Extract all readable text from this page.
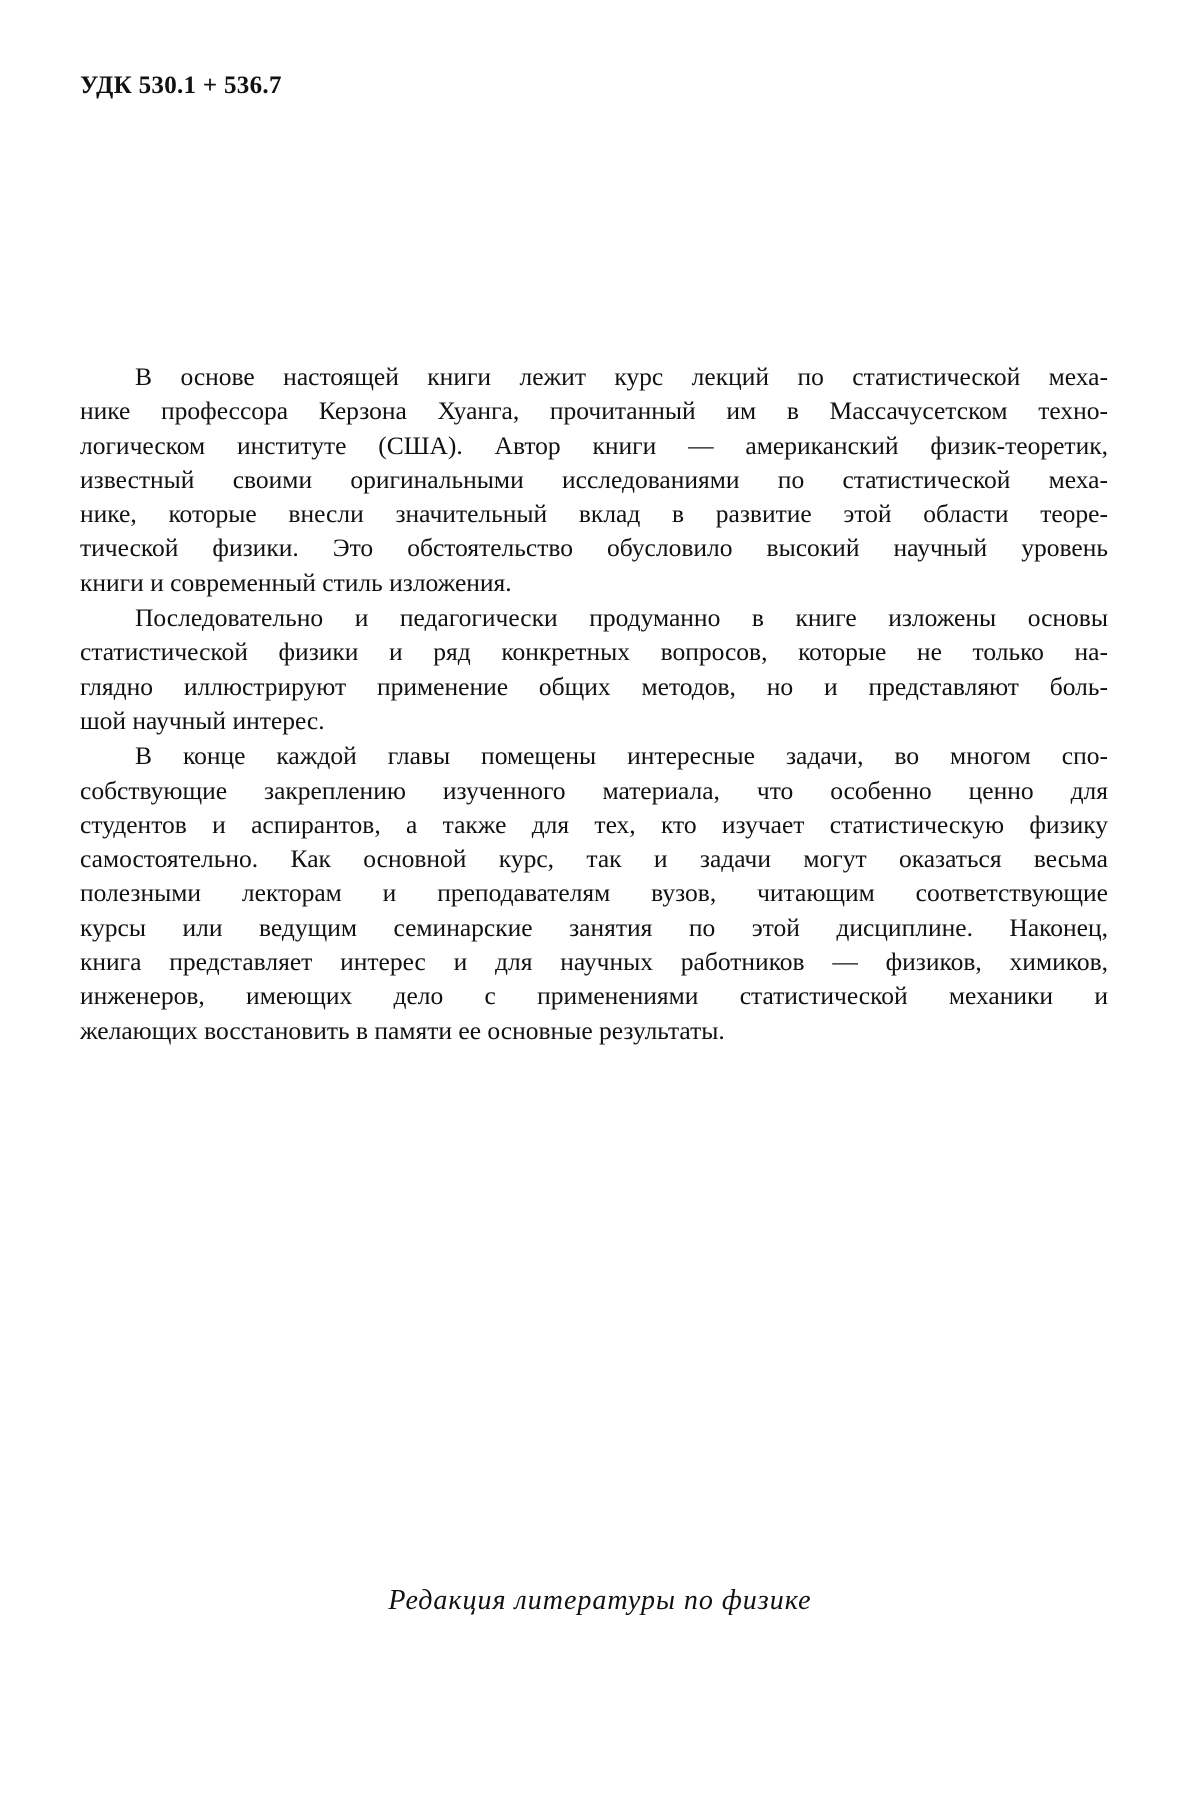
УДК 530.1 + 536.7
В основе настоящей книги лежит курс лекций по статистической меха-
нике профессора Керзона Хуанга, прочитанный им в Массачусетском техно-
логическом институте (США). Автор книги — американский физик-теоретик,
известный своими оригинальными исследованиями по статистической меха-
нике, которые внесли значительный вклад в развитие этой области теоре-
тической физики. Это обстоятельство обусловило высокий научный уровень
книги и современный стиль изложения.
Последовательно и педагогически продуманно в книге изложены основы
статистической физики и ряд конкретных вопросов, которые не только на-
глядно иллюстрируют применение общих методов, но и представляют боль-
шой научный интерес.
В конце каждой главы помещены интересные задачи, во многом спо-
собствующие закреплению изученного материала, что особенно ценно для
студентов и аспирантов, а также для тех, кто изучает статистическую физику
самостоятельно. Как основной курс, так и задачи могут оказаться весьма
полезными лекторам и преподавателям вузов, читающим соответствующие
курсы или ведущим семинарские занятия по этой дисциплине. Наконец,
книга представляет интерес и для научных работников — физиков, химиков,
инженеров, имеющих дело с применениями статистической механики и
желающих восстановить в памяти ее основные результаты.
Редакция литературы по физике
